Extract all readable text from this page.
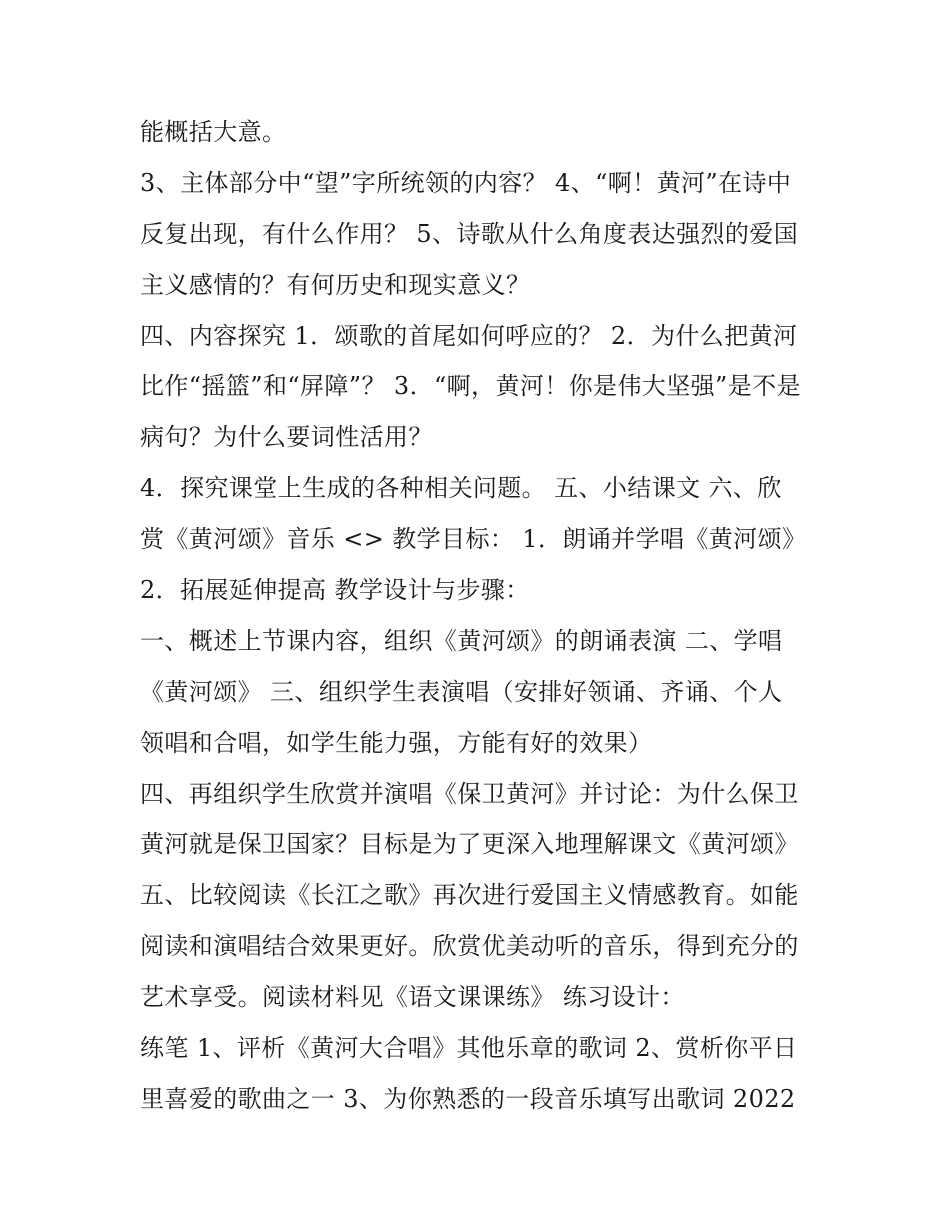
能概括大意。
3、主体部分中“望”字所统领的内容？ 4、“啊！黄河”在诗中
反复出现，有什么作用？ 5、诗歌从什么角度表达强烈的爱国
主义感情的？有何历史和现实意义？
四、内容探究 1．颂歌的首尾如何呼应的？ 2．为什么把黄河
比作“摇篮”和“屏障”？ 3．“啊，黄河！你是伟大坚强”是不是
病句？为什么要词性活用？
4．探究课堂上生成的各种相关问题。 五、小结课文 六、欣
赏《黄河颂》音乐 <> 教学目标： 1．朗诵并学唱《黄河颂》
2．拓展延伸提高 教学设计与步骤：
一、概述上节课内容，组织《黄河颂》的朗诵表演 二、学唱
《黄河颂》 三、组织学生表演唱（安排好领诵、齐诵、个人
领唱和合唱，如学生能力强，方能有好的效果）
四、再组织学生欣赏并演唱《保卫黄河》并讨论：为什么保卫
黄河就是保卫国家？目标是为了更深入地理解课文《黄河颂》
五、比较阅读《长江之歌》再次进行爱国主义情感教育。如能
阅读和演唱结合效果更好。欣赏优美动听的音乐，得到充分的
艺术享受。阅读材料见《语文课课练》 练习设计：
练笔 1、评析《黄河大合唱》其他乐章的歌词 2、赏析你平日
里喜爱的歌曲之一 3、为你熟悉的一段音乐填写出歌词 2022
